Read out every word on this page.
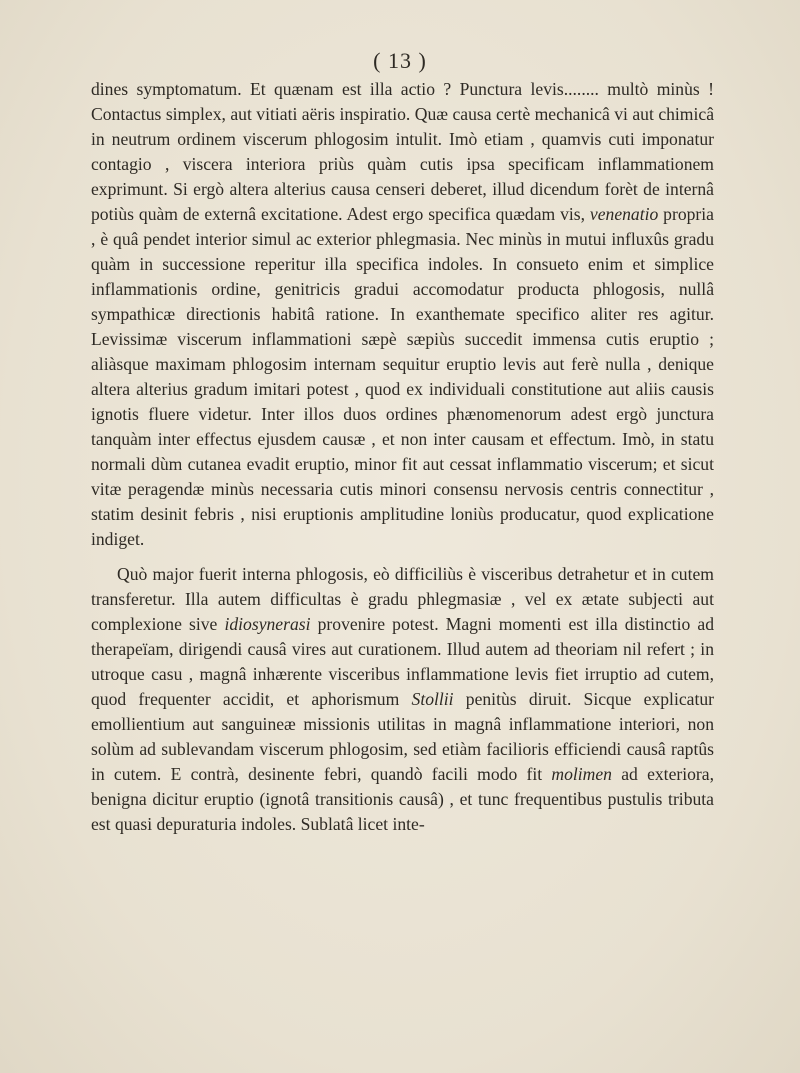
( 13 )

dines symptomatum. Et quænam est illa actio ? Punctura levis........ multò minùs ! Contactus simplex, aut vitiati aëris inspiratio. Quæ causa certè mechanicâ vi aut chimicâ in neutrum ordinem viscerum phlogosim intulit. Imò etiam , quamvis cuti imponatur contagio , viscera interiora priùs quàm cutis ipsa specificam inflammationem exprimunt. Si ergò altera alterius causa censeri deberet, illud dicendum forèt de internâ potiùs quàm de externâ excitatione. Adest ergo specifica quædam vis, venenatio propria , è quâ pendet interior simul ac exterior phlegmasia. Nec minùs in mutui influxûs gradu quàm in successione reperitur illa specifica indoles. In consueto enim et simplice inflammationis ordine, genitricis gradui accomodatur producta phlogosis, nullâ sympathicæ directionis habitâ ratione. In exanthemate specifico aliter res agitur. Levissimæ viscerum inflammationi sæpè sæpiùs succedit immensa cutis eruptio ; aliàsque maximam phlogosim internam sequitur eruptio levis aut ferè nulla , denique altera alterius gradum imitari potest , quod ex individuali constitutione aut aliis causis ignotis fluere videtur. Inter illos duos ordines phænomenorum adest ergò junctura tanquàm inter effectus ejusdem causæ , et non inter causam et effectum. Imò, in statu normali dùm cutanea evadit eruptio, minor fit aut cessat inflammatio viscerum; et sicut vitæ peragendæ minùs necessaria cutis minori consensu nervosis centris connectitur , statim desinit febris , nisi eruptionis amplitudine loniùs producatur, quod explicatione indiget.

Quò major fuerit interna phlogosis, eò difficiliùs è visceribus detrahetur et in cutem transferetur. Illa autem difficultas è gradu phlegmasiæ , vel ex ætate subjecti aut complexione sive idiosynerasi provenire potest. Magni momenti est illa distinctio ad therapeïam, dirigendi causâ vires aut curationem. Illud autem ad theoriam nil refert ; in utroque casu , magnâ inhærente visceribus inflammatione levis fiet irruptio ad cutem, quod frequenter accidit, et aphorismum Stollii penitùs diruit. Sicque explicatur emollientium aut sanguineæ missionis utilitas in magnâ inflammatione interiori, non solùm ad sublevandam viscerum phlogosim, sed etiàm facilioris efficiendi causâ raptûs in cutem. E contrà, desinente febri, quandò facili modo fit molimen ad exteriora, benigna dicitur eruptio (ignotâ transitionis causâ) , et tunc frequentibus pustulis tributa est quasi depuraturia indoles. Sublatâ licet inte-
